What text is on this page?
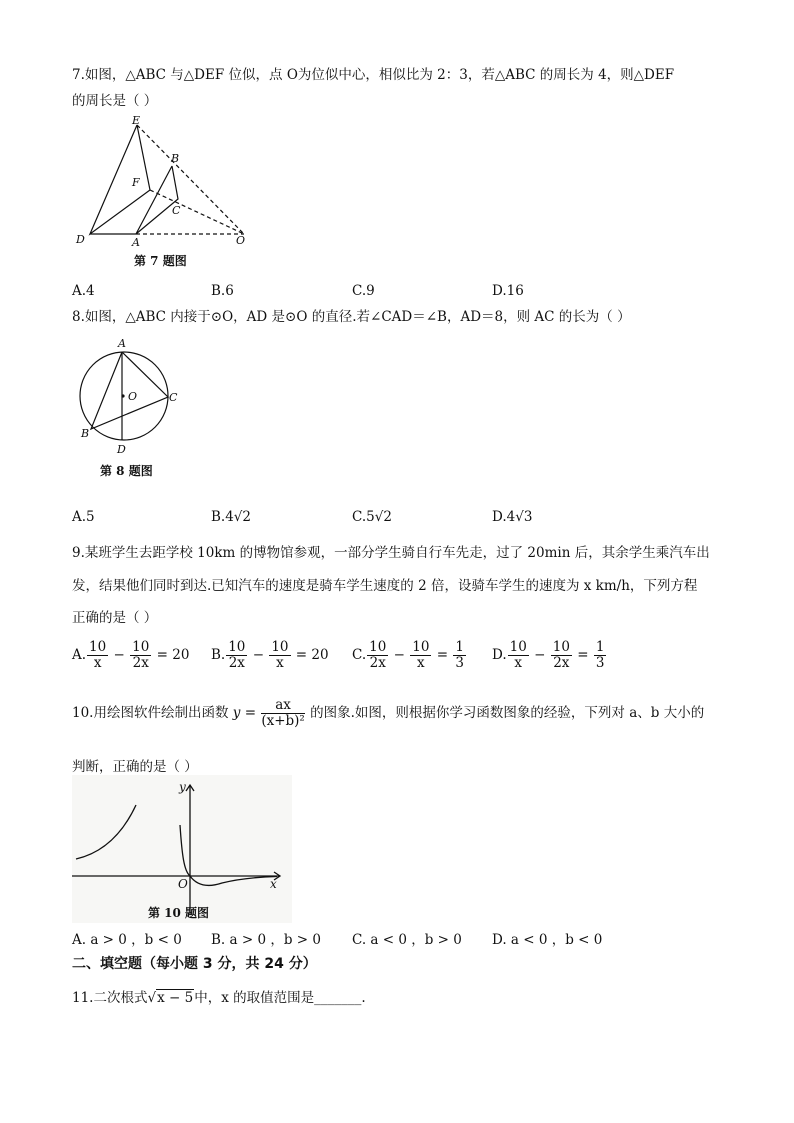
7.如图，△ABC 与△DEF 位似，点 O为位似中心，相似比为 2：3，若△ABC 的周长为 4，则△DEF
的周长是（ ）
E
B
F
C
D	A	O
第 7 题图
A.4	B.6	C.9	D.16
8.如图，△ABC 内接于⊙O，AD 是⊙O 的直径.若∠CAD＝∠B，AD＝8，则 AC 的长为（ ）
A
O	C
B
D
第 8 题图
A.5	B.4√2	C.5√2	D.4√3
9.某班学生去距学校 10km 的博物馆参观，一部分学生骑自行车先走，过了 20min 后，其余学生乘汽车出
发，结果他们同时到达.已知汽车的速度是骑车学生速度的 2 倍，设骑车学生的速度为 x km/h，下列方程
正确的是（ ）
A. $\frac{10}{x} - \frac{10}{2x} = 20$ B. $\frac{10}{2x} - \frac{10}{x} = 20$ C. $\frac{10}{2x} - \frac{10}{x} = \frac{1}{3} D$. $\frac{10}{x} - \frac{10}{2x} = \frac{1}{3}$
10.用绘图软件绘制出函数 $y = \frac{ax}{\text{(x+b)²}}$ 的图象.如图，则根据你学习函数图象的经验，下列对 a、b 大小的
判断，正确的是（ ）
y
O	x
第 10 题图
A. a > 0 ，b < 0 B. a > 0 ，b > 0 C. a < 0 ，b > 0 D. a < 0 ，b < 0
二、填空题（每小题 3 分，共 24 分）
11.二次根式√x − 5中，x 的取值范围是_______.
